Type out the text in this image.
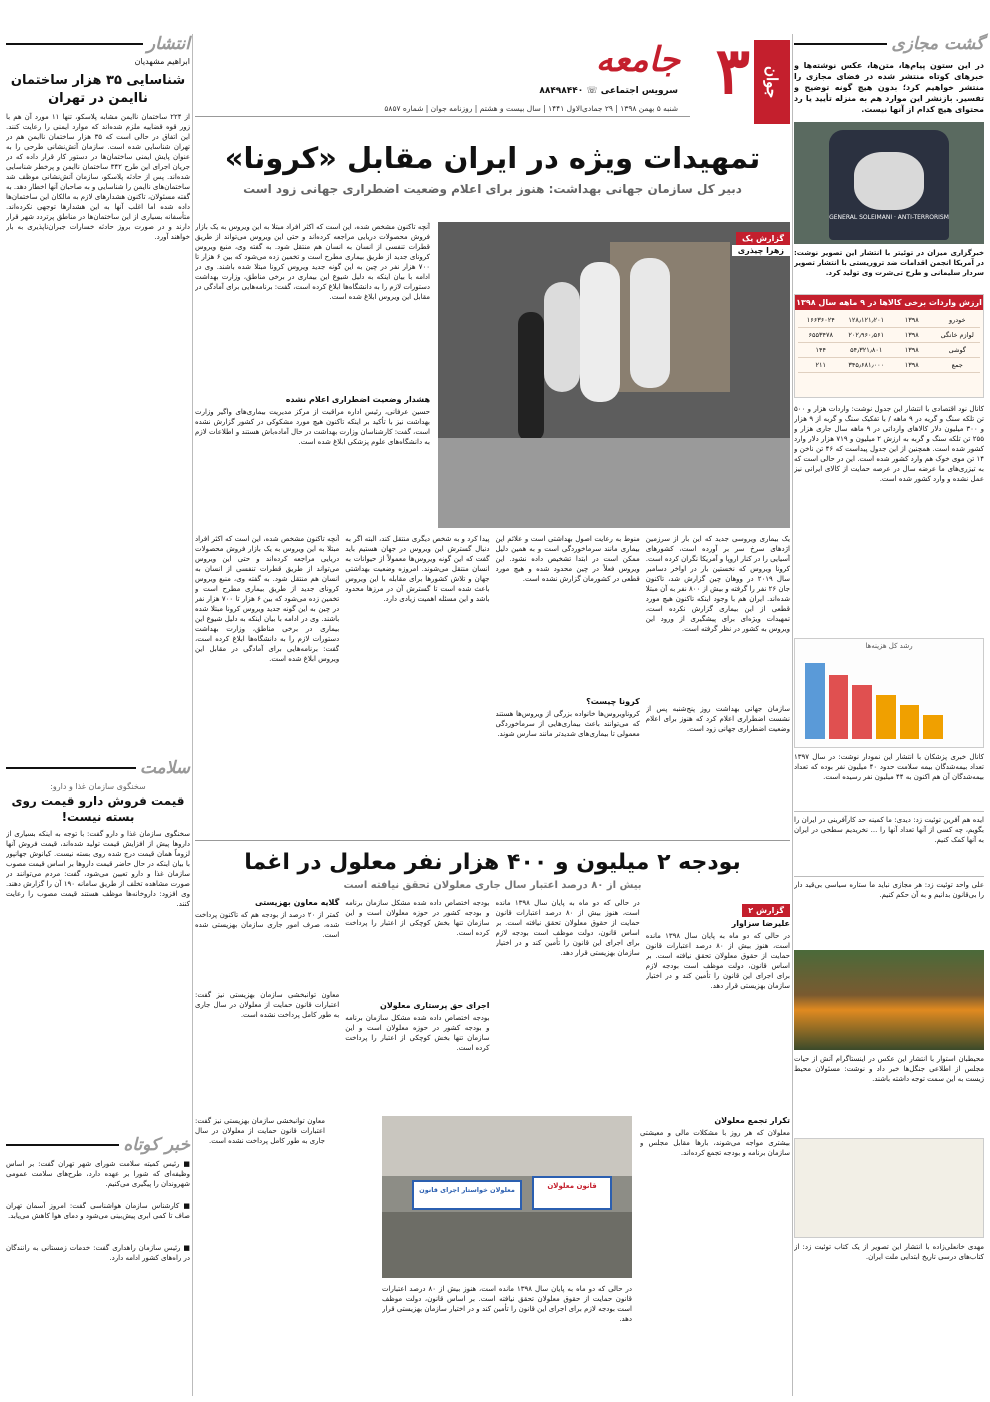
جوان
۳
جامعه
سرویس اجتماعی ☏ ۸۸۴۹۸۴۴۰
شنبه ۵ بهمن ۱۳۹۸ | ۲۹ جمادی‌الاول ۱۴۴۱ | سال بیست و هشتم | روزنامه جوان | شماره ۵۸۵۷
گشت مجازی

در این ستون پیام‌ها، متن‌ها، عکس نوشته‌ها و خبرهای کوتاه منتشر شده در فضای مجازی را منتشر خواهیم کرد؛ بدون هیچ گونه توضیح و تفسیر. بازنشر این موارد هم به منزله تأیید یا رد محتوای هیچ کدام از آنها نیست.

GENERAL SOLEIMANI · ANTI-TERRORISM

خبرگزاری میزان در توئیتر با انتشار این تصویر نوشت: در آمریکا انجمن اقدامات ضد تروریستی با انتشار تصویر سردار سلیمانی و طرح تی‌شرت وی تولید کرد.

ارزش واردات برخی کالاها در ۹ ماهه سال ۱۳۹۸
خودرو
۱۳۹۸
۱۲۸٫۱۲۱٫۲۰۱
۱۶۶۳۶۰۲۴
لوازم خانگی
۱۳۹۸
۲۰۲٫۹۶۰٫۵۶۱
۶۵۵۳۴۷۸
گوشی
۱۳۹۸
۵۴٫۳۲۱٫۸۰۱
۱۴۴
جمع
۱۳۹۸
۳۴۵٫۶۸۱٫۰۰۰
۲۱۱

کانال نود اقتصادی با انتشار این جدول نوشت: واردات هزار و ۵۰۰ تن تلکه سنگ و گریه در ۹ ماهه / با تفکیک سنگ و گربه از ۹ هزار و ۳۰۰ میلیون دلار کالاهای وارداتی در ۹ ماهه سال جاری هزار و ۲۵۵ تن تلکه سنگ و گربه به ارزش ۲ میلیون و ۷۱۹ هزار دلار وارد کشور شده است. همچنین از این جدول پیداست که ۴۶ تن ناخن و ۱۴ تن موی خوک هم وارد کشور شده است. این در حالی است که به تیزری‌های ما عرضه سال در عرصه حمایت از کالای ایرانی نیز عمل نشده و وارد کشور شده است.

رشد کل هزینه‌ها

کانال خبری پزشکان با انتشار این نمودار نوشت: در سال ۱۳۹۷ تعداد بیمه‌شدگان بیمه سلامت حدود ۴۰ میلیون نفر بوده که تعداد بیمه‌شدگان آن هم اکنون به ۴۴ میلیون نفر رسیده است.

ایده هم آفرین توئیت زد: دیدی: ما کمینه حد کارآفرینی در ایران را بگویم، چه کسی از آنها تعداد آنها را ... نخریدیم سطحی در ایران به آنها کمک کنیم.

علی واحد توئیت زد: هر مجازی نباید ما ستاره سیاسی بی‌قید دار را بی‌قانون بدانیم و به آن حکم کنیم.

محیطبان استوار با انتشار این عکس در اینستاگرام آتش از حیات مجلس از اطلاعی جنگل‌ها خبر داد و نوشت: مسئولان محیط زیست به این سمت توجه داشته باشند.

مهدی خانعلی‌زاده با انتشار این تصویر از یک کتاب توئیت زد: از کتاب‌های درسی تاریخ ابتدایی ملت ایران.

تمهیدات ویژه در ایران مقابل «کرونا»
دبیر کل سازمان جهانی بهداشت: هنوز برای اعلام وضعیت اضطراری جهانی زود است
گزارش یک
زهرا چیذری

آنچه تاکنون مشخص شده، این است که اکثر افراد مبتلا به این ویروس به یک بازار فروش محصولات دریایی مراجعه کرده‌اند و حتی این ویروس می‌تواند از طریق قطرات تنفسی از انسان به انسان هم منتقل شود. به گفته وی، منبع ویروس کرونای جدید از طریق بیماری مطرح است و تخمین زده می‌شود که بین ۶ هزار تا ۷۰۰ هزار نفر در چین به این گونه جدید ویروس کرونا مبتلا شده باشند. وی در ادامه با بیان اینکه به دلیل شیوع این بیماری در برخی مناطق، وزارت بهداشت دستورات لازم را به دانشگاه‌ها ابلاغ کرده است، گفت: برنامه‌هایی برای آمادگی در مقابل این ویروس ابلاغ شده است.

هشدار وضعیت اضطراری اعلام نشده

حسین عرفانی، رئیس اداره مراقبت از مرکز مدیریت بیماری‌های واگیر وزارت بهداشت نیز با تأکید بر اینکه تاکنون هیچ مورد مشکوکی در کشور گزارش نشده است، گفت: کارشناسان وزارت بهداشت در حال آماده‌باش هستند و اطلاعات لازم به دانشگاه‌های علوم پزشکی ابلاغ شده است.

یک بیماری ویروسی جدید که این بار از سرزمین اژدهای سرخ سر بر آورده است، کشورهای آسیایی را در کنار اروپا و آمریکا نگران کرده است. کرونا ویروس که نخستین بار در اواخر دسامبر سال ۲۰۱۹ در ووهان چین گزارش شد، تاکنون جان ۲۶ نفر را گرفته و بیش از ۸۰۰ نفر به آن مبتلا شده‌اند. ایران هم با وجود اینکه تاکنون هیچ مورد قطعی از این بیماری گزارش نکرده است، تمهیدات ویژه‌ای برای پیشگیری از ورود این ویروس به کشور در نظر گرفته است.

سازمان جهانی بهداشت روز پنج‌شنبه پس از نشست اضطراری اعلام کرد که هنوز برای اعلام وضعیت اضطراری جهانی زود است.

منوط به رعایت اصول بهداشتی است و علائم این بیماری مانند سرماخوردگی است و به همین دلیل ممکن است در ابتدا تشخیص داده نشود. این ویروس فعلاً در چین محدود شده و هیچ مورد قطعی در کشورمان گزارش نشده است.

کرونا چیست؟

کروناویروس‌ها خانواده بزرگی از ویروس‌ها هستند که می‌توانند باعث بیماری‌هایی از سرماخوردگی معمولی تا بیماری‌های شدیدتر مانند سارس شوند.

پیدا کرد و به شخص دیگری منتقل کند، البته اگر به دنبال گسترش این ویروس در جهان هستیم باید گفت که این گونه ویروس‌ها معمولاً از حیوانات به انسان منتقل می‌شوند. امروزه وضعیت بهداشتی جهان و تلاش کشورها برای مقابله با این ویروس باعث شده است تا گسترش آن در مرزها محدود باشد و این مسئله اهمیت زیادی دارد.

آنچه تاکنون مشخص شده، این است که اکثر افراد مبتلا به این ویروس به یک بازار فروش محصولات دریایی مراجعه کرده‌اند و حتی این ویروس می‌تواند از طریق قطرات تنفسی از انسان به انسان هم منتقل شود. به گفته وی، منبع ویروس کرونای جدید از طریق بیماری مطرح است و تخمین زده می‌شود که بین ۶ هزار تا ۷۰۰ هزار نفر در چین به این گونه جدید ویروس کرونا مبتلا شده باشند. وی در ادامه با بیان اینکه به دلیل شیوع این بیماری در برخی مناطق، وزارت بهداشت دستورات لازم را به دانشگاه‌ها ابلاغ کرده است، گفت: برنامه‌هایی برای آمادگی در مقابل این ویروس ابلاغ شده است.

بودجه ۲ میلیون و ۴۰۰ هزار نفر معلول در اغما
بیش از ۸۰ درصد اعتبار سال جاری معلولان تحقق نیافته است
گزارش ۲
علیرضا سزاوار

در حالی که دو ماه به پایان سال ۱۳۹۸ مانده است، هنوز بیش از ۸۰ درصد اعتبارات قانون حمایت از حقوق معلولان تحقق نیافته است. بر اساس قانون، دولت موظف است بودجه لازم برای اجرای این قانون را تأمین کند و در اختیار سازمان بهزیستی قرار دهد.

در حالی که دو ماه به پایان سال ۱۳۹۸ مانده است، هنوز بیش از ۸۰ درصد اعتبارات قانون حمایت از حقوق معلولان تحقق نیافته است. بر اساس قانون، دولت موظف است بودجه لازم برای اجرای این قانون را تأمین کند و در اختیار سازمان بهزیستی قرار دهد.

بودجه اختصاص داده شده مشکل سازمان برنامه و بودجه کشور در حوزه معلولان است و این سازمان تنها بخش کوچکی از اعتبار را پرداخت کرده است.

اجرای حق پرستاری معلولان

بودجه اختصاص داده شده مشکل سازمان برنامه و بودجه کشور در حوزه معلولان است و این سازمان تنها بخش کوچکی از اعتبار را پرداخت کرده است.

گلایه معاون بهزیستی

کمتر از ۲۰ درصد از بودجه هم که تاکنون پرداخت شده، صرف امور جاری سازمان بهزیستی شده است.

معاون توانبخشی سازمان بهزیستی نیز گفت: اعتبارات قانون حمایت از معلولان در سال جاری به طور کامل پرداخت نشده است.

تکرار تجمع معلولان

معلولان که هر روز با مشکلات مالی و معیشتی بیشتری مواجه می‌شوند، بارها مقابل مجلس و سازمان برنامه و بودجه تجمع کرده‌اند.

قانون معلولان
معلولان خواستار اجرای قانون

معاون توانبخشی سازمان بهزیستی نیز گفت: اعتبارات قانون حمایت از معلولان در سال جاری به طور کامل پرداخت نشده است.

در حالی که دو ماه به پایان سال ۱۳۹۸ مانده است، هنوز بیش از ۸۰ درصد اعتبارات قانون حمایت از حقوق معلولان تحقق نیافته است. بر اساس قانون، دولت موظف است بودجه لازم برای اجرای این قانون را تأمین کند و در اختیار سازمان بهزیستی قرار دهد.

انتشار
ابراهیم مشهدیان
شناسایی ۳۵ هزار ساختمان ناایمن در تهران

از ۲۲۴ ساختمان ناایمن مشابه پلاسکو، تنها ۱۱ مورد آن هم با زور قوه قضاییه ملزم شده‌اند که موارد ایمنی را رعایت کنند. این اتفاق در حالی است که ۳۵ هزار ساختمان ناایمن هم در تهران شناسایی شده است. سازمان آتش‌نشانی طرحی را به عنوان پایش ایمنی ساختمان‌ها در دستور کار قرار داده که در جریان اجرای این طرح ۳۴۲ ساختمان ناایمن و پرخطر شناسایی شده‌اند. پس از حادثه پلاسکو، سازمان آتش‌نشانی موظف شد ساختمان‌های ناایمن را شناسایی و به صاحبان آنها اخطار دهد. به گفته مسئولان، تاکنون هشدارهای لازم به مالکان این ساختمان‌ها داده شده اما اغلب آنها به این هشدارها توجهی نکرده‌اند. متأسفانه بسیاری از این ساختمان‌ها در مناطق پرتردد شهر قرار دارند و در صورت بروز حادثه خسارات جبران‌ناپذیری به بار خواهند آورد.

سلامت
سخنگوی سازمان غذا و دارو:
قیمت فروش دارو قیمت روی بسته نیست!

سخنگوی سازمان غذا و دارو گفت: با توجه به اینکه بسیاری از داروها پیش از افزایش قیمت تولید شده‌اند، قیمت فروش آنها لزوماً همان قیمت درج شده روی بسته نیست. کیانوش جهانپور با بیان اینکه در حال حاضر قیمت داروها بر اساس قیمت مصوب سازمان غذا و دارو تعیین می‌شود، گفت: مردم می‌توانند در صورت مشاهده تخلف از طریق سامانه ۱۹۰ آن را گزارش دهند. وی افزود: داروخانه‌ها موظف هستند قیمت مصوب را رعایت کنند.

خبر کوتاه

■ رئیس کمیته سلامت شورای شهر تهران گفت: بر اساس وظیفه‌ای که شورا بر عهده دارد، طرح‌های سلامت عمومی شهروندان را پیگیری می‌کنیم.

■ کارشناس سازمان هواشناسی گفت: امروز آسمان تهران صاف تا کمی ابری پیش‌بینی می‌شود و دمای هوا کاهش می‌یابد.

■ رئیس سازمان راهداری گفت: خدمات زمستانی به رانندگان در راه‌های کشور ادامه دارد.
